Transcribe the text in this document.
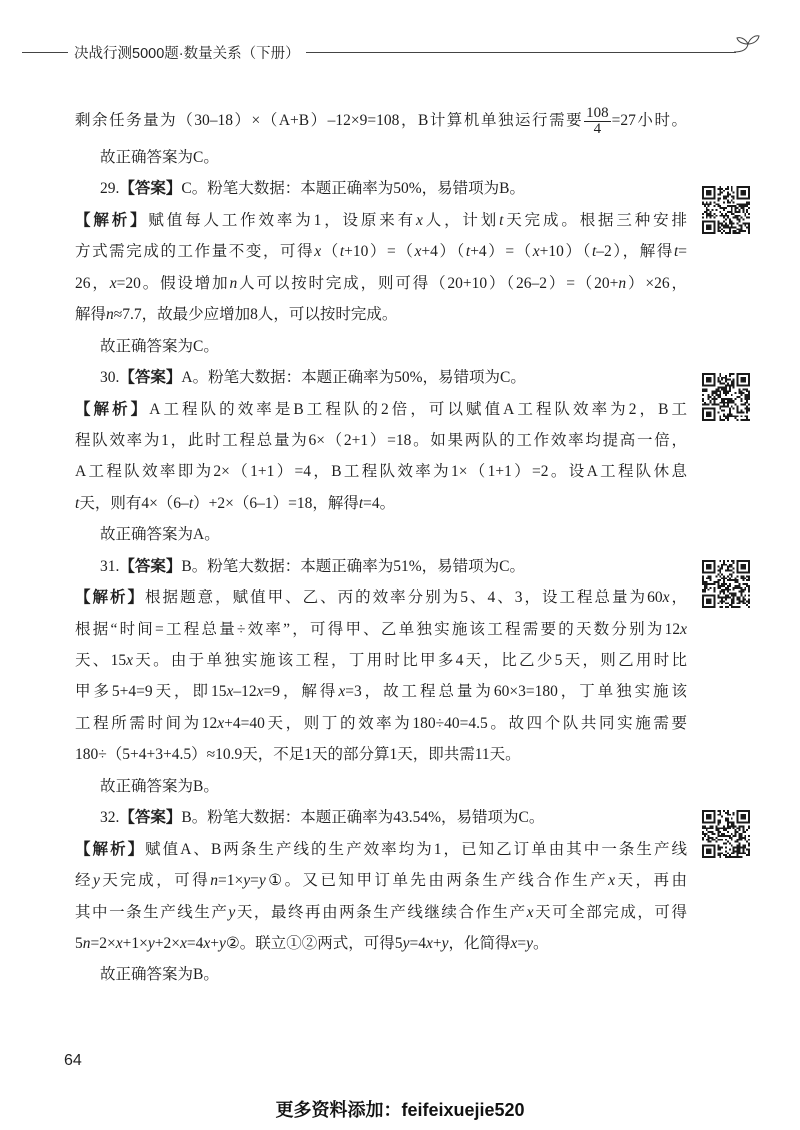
决战行测5000题·数量关系（下册）
剩余任务量为（30–18）×（A+B）–12×9=108，B计算机单独运行需要 $\frac{108}{4} =27$小时。
故正确答案为C。
29.【答案】C。粉笔大数据：本题正确率为50%，易错项为B。
【解析】赋值每人工作效率为1，设原来有x人，计划t天完成。根据三种安排
方式需完成的工作量不变，可得x（t+10）=（x+4）（t+4）=（x+10）（t–2），解得t=
26，x=20。假设增加n人可以按时完成，则可得（20+10）（26–2）=（20+n）×26，
解得n≈7.7，故最少应增加8人，可以按时完成。
故正确答案为C。
30.【答案】A。粉笔大数据：本题正确率为50%，易错项为C。
【解析】A工程队的效率是B工程队的2倍，可以赋值A工程队效率为2，B工
程队效率为1，此时工程总量为6×（2+1）=18。如果两队的工作效率均提高一倍，
A工程队效率即为2×（1+1）=4，B工程队效率为1×（1+1）=2。设A工程队休息
t天，则有4×（6–t）+2×（6–1）=18，解得t=4。
故正确答案为A。
31.【答案】B。粉笔大数据：本题正确率为51%，易错项为C。
【解析】根据题意，赋值甲、乙、丙的效率分别为5、4、3，设工程总量为60x，
根据“时间=工程总量÷效率”，可得甲、乙单独实施该工程需要的天数分别为12x
天、15x天。由于单独实施该工程，丁用时比甲多4天，比乙少5天，则乙用时比
甲多5+4=9天，即15x–12x=9，解得x=3，故工程总量为60×3=180，丁单独实施该
工程所需时间为12x+4=40天，则丁的效率为180÷40=4.5。故四个队共同实施需要
180÷（5+4+3+4.5）≈10.9天，不足1天的部分算1天，即共需11天。
故正确答案为B。
32.【答案】B。粉笔大数据：本题正确率为43.54%，易错项为C。
【解析】赋值A、B两条生产线的生产效率均为1，已知乙订单由其中一条生产线
经y天完成，可得n=1×y=y①。又已知甲订单先由两条生产线合作生产x天，再由
其中一条生产线生产y天，最终再由两条生产线继续合作生产x天可全部完成，可得
5n=2×x+1×y+2×x=4x+y②。联立①②两式，可得5y=4x+y，化简得x=y。
故正确答案为B。
64
更多资料添加：feifeixuejie520
